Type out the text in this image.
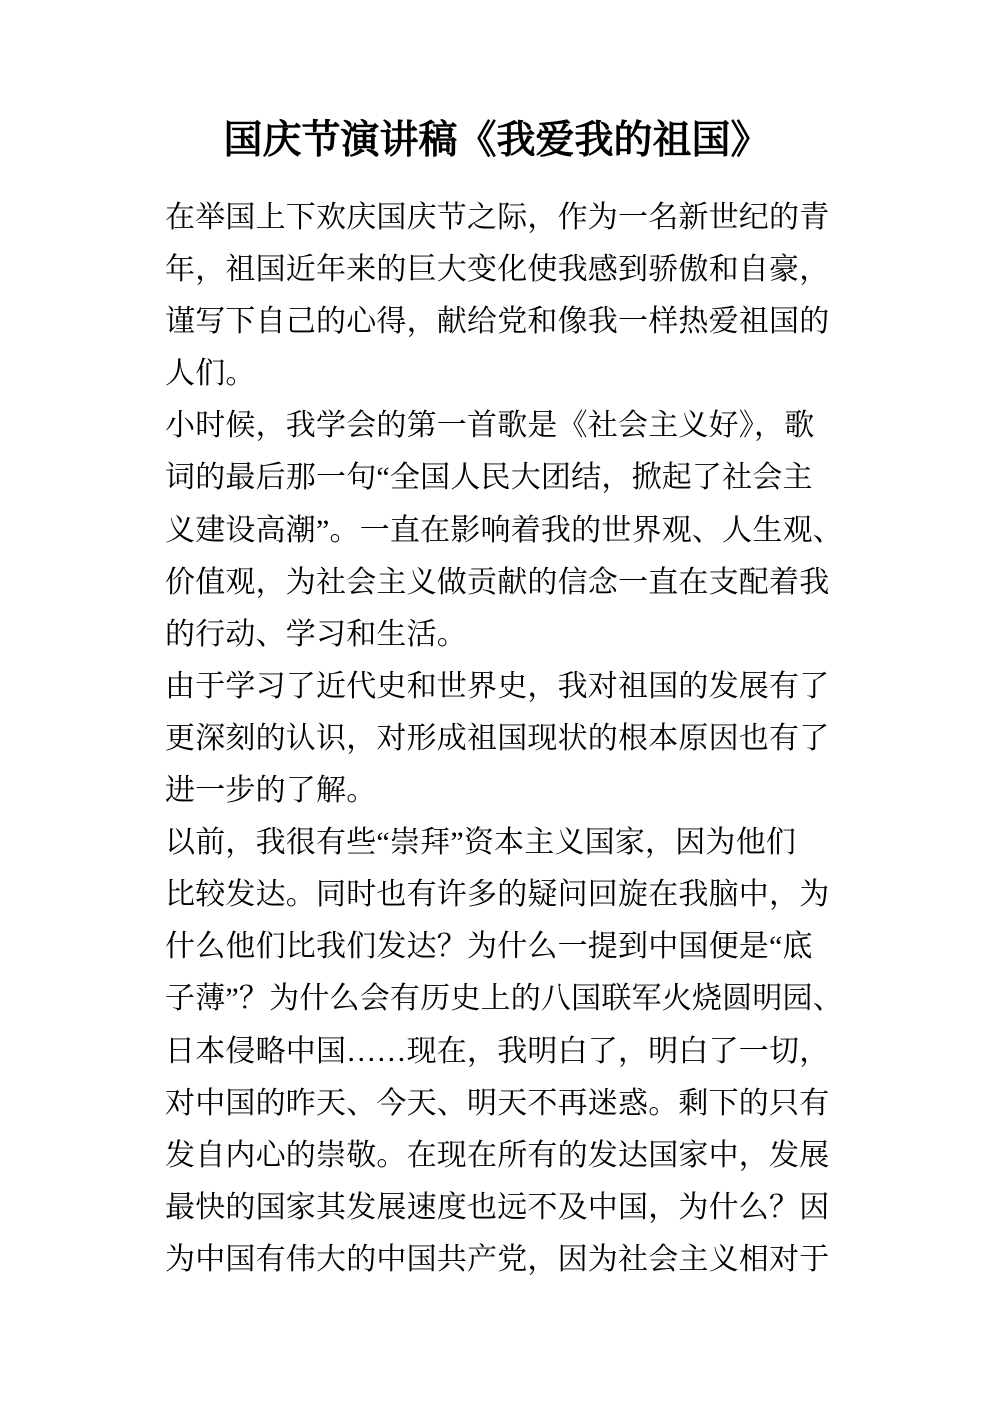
国庆节演讲稿《我爱我的祖国》
在举国上下欢庆国庆节之际，作为一名新世纪的青
年，祖国近年来的巨大变化使我感到骄傲和自豪，
谨写下自己的心得，献给党和像我一样热爱祖国的
人们。
小时候，我学会的第一首歌是《社会主义好》，歌
词的最后那一句“全国人民大团结，掀起了社会主
义建设高潮”。一直在影响着我的世界观、人生观、
价值观，为社会主义做贡献的信念一直在支配着我
的行动、学习和生活。
由于学习了近代史和世界史，我对祖国的发展有了
更深刻的认识，对形成祖国现状的根本原因也有了
进一步的了解。
以前，我很有些“崇拜”资本主义国家，因为他们
比较发达。同时也有许多的疑问回旋在我脑中，为
什么他们比我们发达？为什么一提到中国便是“底
子薄”？为什么会有历史上的八国联军火烧圆明园、
日本侵略中国……现在，我明白了，明白了一切，
对中国的昨天、今天、明天不再迷惑。剩下的只有
发自内心的崇敬。在现在所有的发达国家中，发展
最快的国家其发展速度也远不及中国，为什么？因
为中国有伟大的中国共产党，因为社会主义相对于
